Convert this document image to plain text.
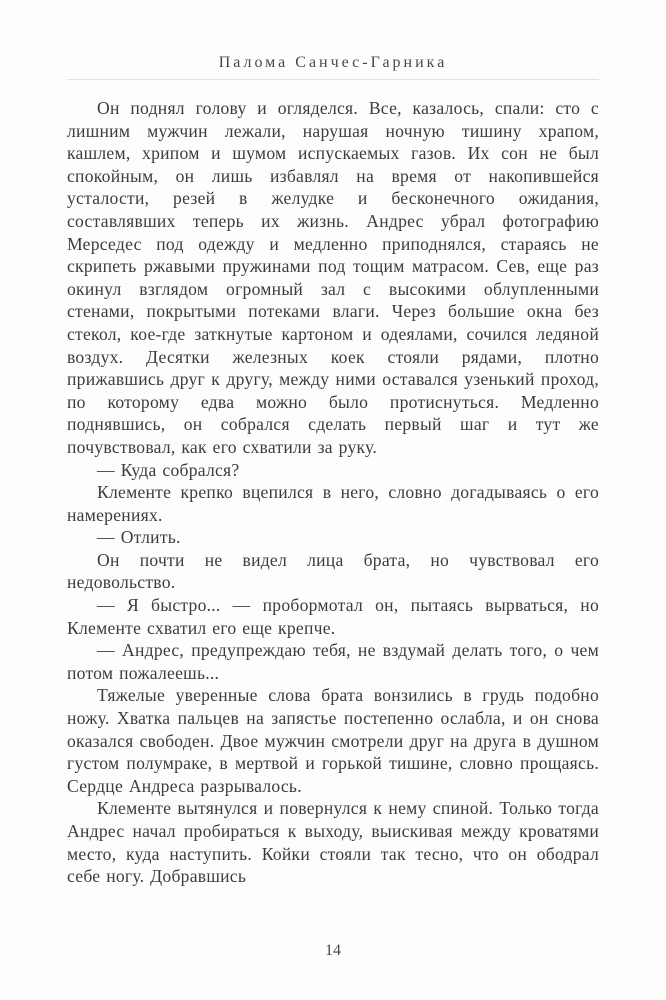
Палома Санчес-Гарника

Он поднял голову и огляделся. Все, казалось, спали: сто с лишним мужчин лежали, нарушая ночную тишину храпом, кашлем, хрипом и шумом испускаемых газов. Их сон не был спокойным, он лишь избавлял на время от накопившейся усталости, резей в желудке и бесконечного ожидания, составлявших теперь их жизнь. Андрес убрал фотографию Мерседес под одежду и медленно приподнялся, стараясь не скрипеть ржавыми пружинами под тощим матрасом. Сев, еще раз окинул взглядом огромный зал с высокими облупленными стенами, покрытыми потеками влаги. Через большие окна без стекол, кое-где заткнутые картоном и одеялами, сочился ледяной воздух. Десятки железных коек стояли рядами, плотно прижавшись друг к другу, между ними оставался узенький проход, по которому едва можно было протиснуться. Медленно поднявшись, он собрался сделать первый шаг и тут же почувствовал, как его схватили за руку.

— Куда собрался?

Клементе крепко вцепился в него, словно догадываясь о его намерениях.

— Отлить.

Он почти не видел лица брата, но чувствовал его недовольство.

— Я быстро... — пробормотал он, пытаясь вырваться, но Клементе схватил его еще крепче.

— Андрес, предупреждаю тебя, не вздумай делать того, о чем потом пожалеешь...

Тяжелые уверенные слова брата вонзились в грудь подобно ножу. Хватка пальцев на запястье постепенно ослабла, и он снова оказался свободен. Двое мужчин смотрели друг на друга в душном густом полумраке, в мертвой и горькой тишине, словно прощаясь. Сердце Андреса разрывалось.

Клементе вытянулся и повернулся к нему спиной. Только тогда Андрес начал пробираться к выходу, выискивая между кроватями место, куда наступить. Койки стояли так тесно, что он ободрал себе ногу. Добравшись

14
